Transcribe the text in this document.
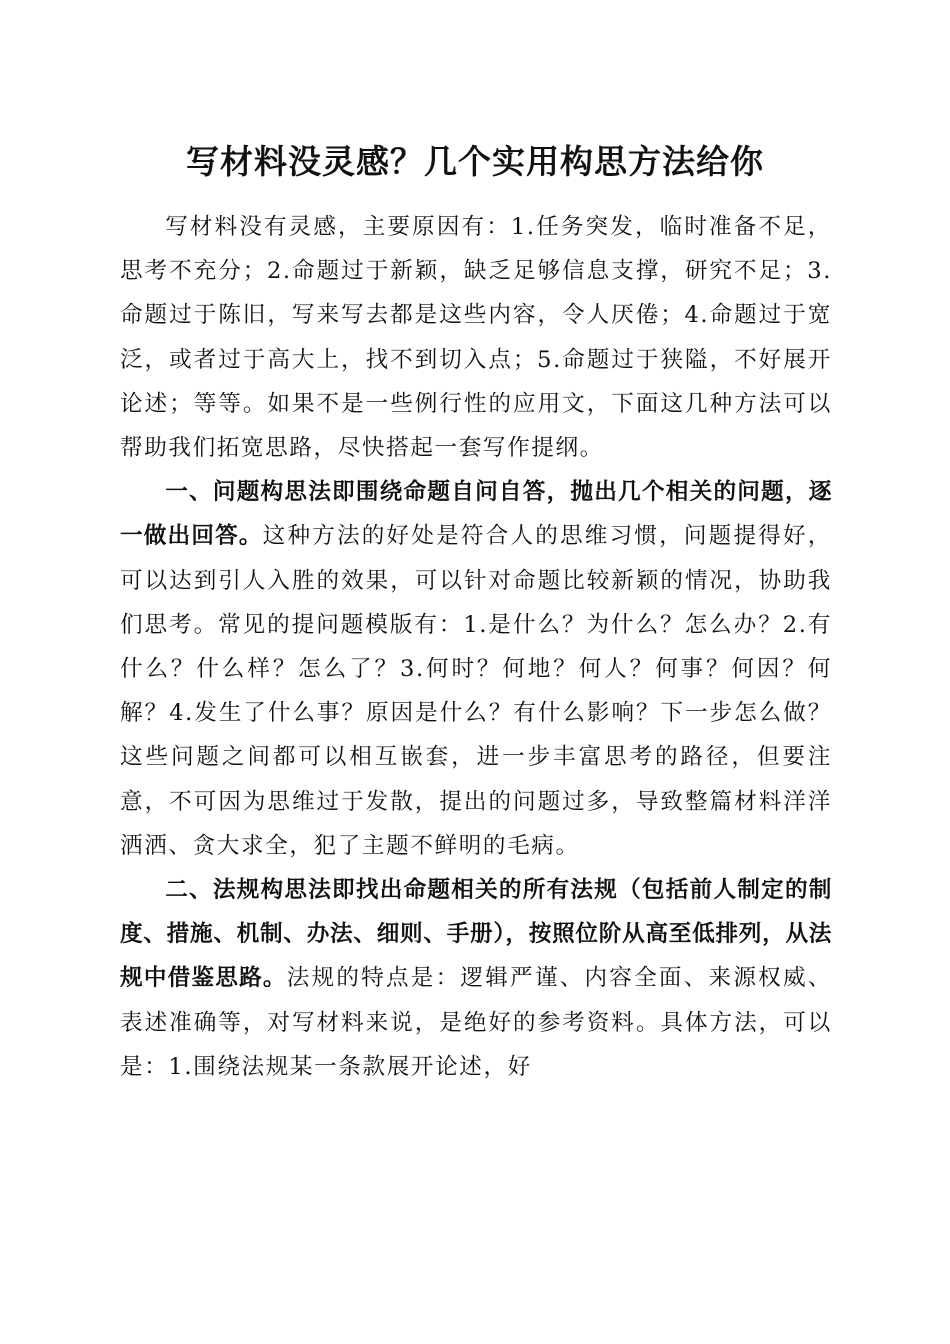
写材料没灵感？几个实用构思方法给你

写材料没有灵感，主要原因有：1.任务突发，临时准备不足，思考不充分；2.命题过于新颖，缺乏足够信息支撑，研究不足；3.命题过于陈旧，写来写去都是这些内容，令人厌倦；4.命题过于宽泛，或者过于高大上，找不到切入点；5.命题过于狭隘，不好展开论述；等等。如果不是一些例行性的应用文，下面这几种方法可以帮助我们拓宽思路，尽快搭起一套写作提纲。

一、问题构思法即围绕命题自问自答，抛出几个相关的问题，逐一做出回答。这种方法的好处是符合人的思维习惯，问题提得好，可以达到引人入胜的效果，可以针对命题比较新颖的情况，协助我们思考。常见的提问题模版有：1.是什么？为什么？怎么办？2.有什么？什么样？怎么了？3.何时？何地？何人？何事？何因？何解？4.发生了什么事？原因是什么？有什么影响？下一步怎么做？这些问题之间都可以相互嵌套，进一步丰富思考的路径，但要注意，不可因为思维过于发散，提出的问题过多，导致整篇材料洋洋洒洒、贪大求全，犯了主题不鲜明的毛病。

二、法规构思法即找出命题相关的所有法规（包括前人制定的制度、措施、机制、办法、细则、手册），按照位阶从高至低排列，从法规中借鉴思路。法规的特点是：逻辑严谨、内容全面、来源权威、表述准确等，对写材料来说，是绝好的参考资料。具体方法，可以是：1.围绕法规某一条款展开论述，好
